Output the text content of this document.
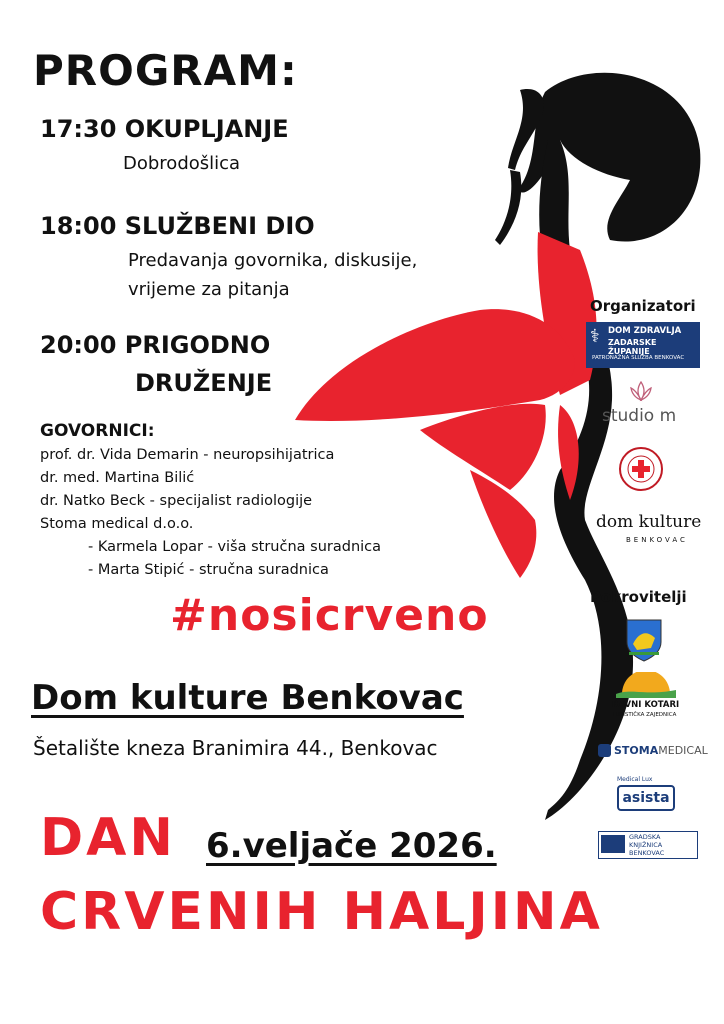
PROGRAM:
17:30 OKUPLJANJE
Dobrodošlica
18:00 SLUŽBENI DIO
Predavanja govornika, diskusije,
vrijeme za pitanja
20:00 PRIGODNO
DRUŽENJE
GOVORNICI:
prof. dr. Vida Demarin - neuropsihijatrica
dr. med. Martina Bilić
dr. Natko Beck - specijalist radiologije
Stoma medical d.o.o.
- Karmela Lopar - viša stručna suradnica
- Marta Stipić - stručna suradnica
#nosicrveno
Dom kulture Benkovac
Šetalište kneza Branimira 44., Benkovac
DAN 6.veljače 2026.
CRVENIH HALJINA
Organizatori
⚕ DOM ZDRAVLJA
ZADARSKE ŽUPANIJE
PATRONAŽNA SLUŽBA BENKOVAC
studio m
dom kulture
BENKOVAC
Pokrovitelji
RAVNI KOTARI
TURISTIČKA ZAJEDNICA
STOMAMEDICAL
Medical Lux
asista
GRADSKA
KNJIŽNICA
BENKOVAC
